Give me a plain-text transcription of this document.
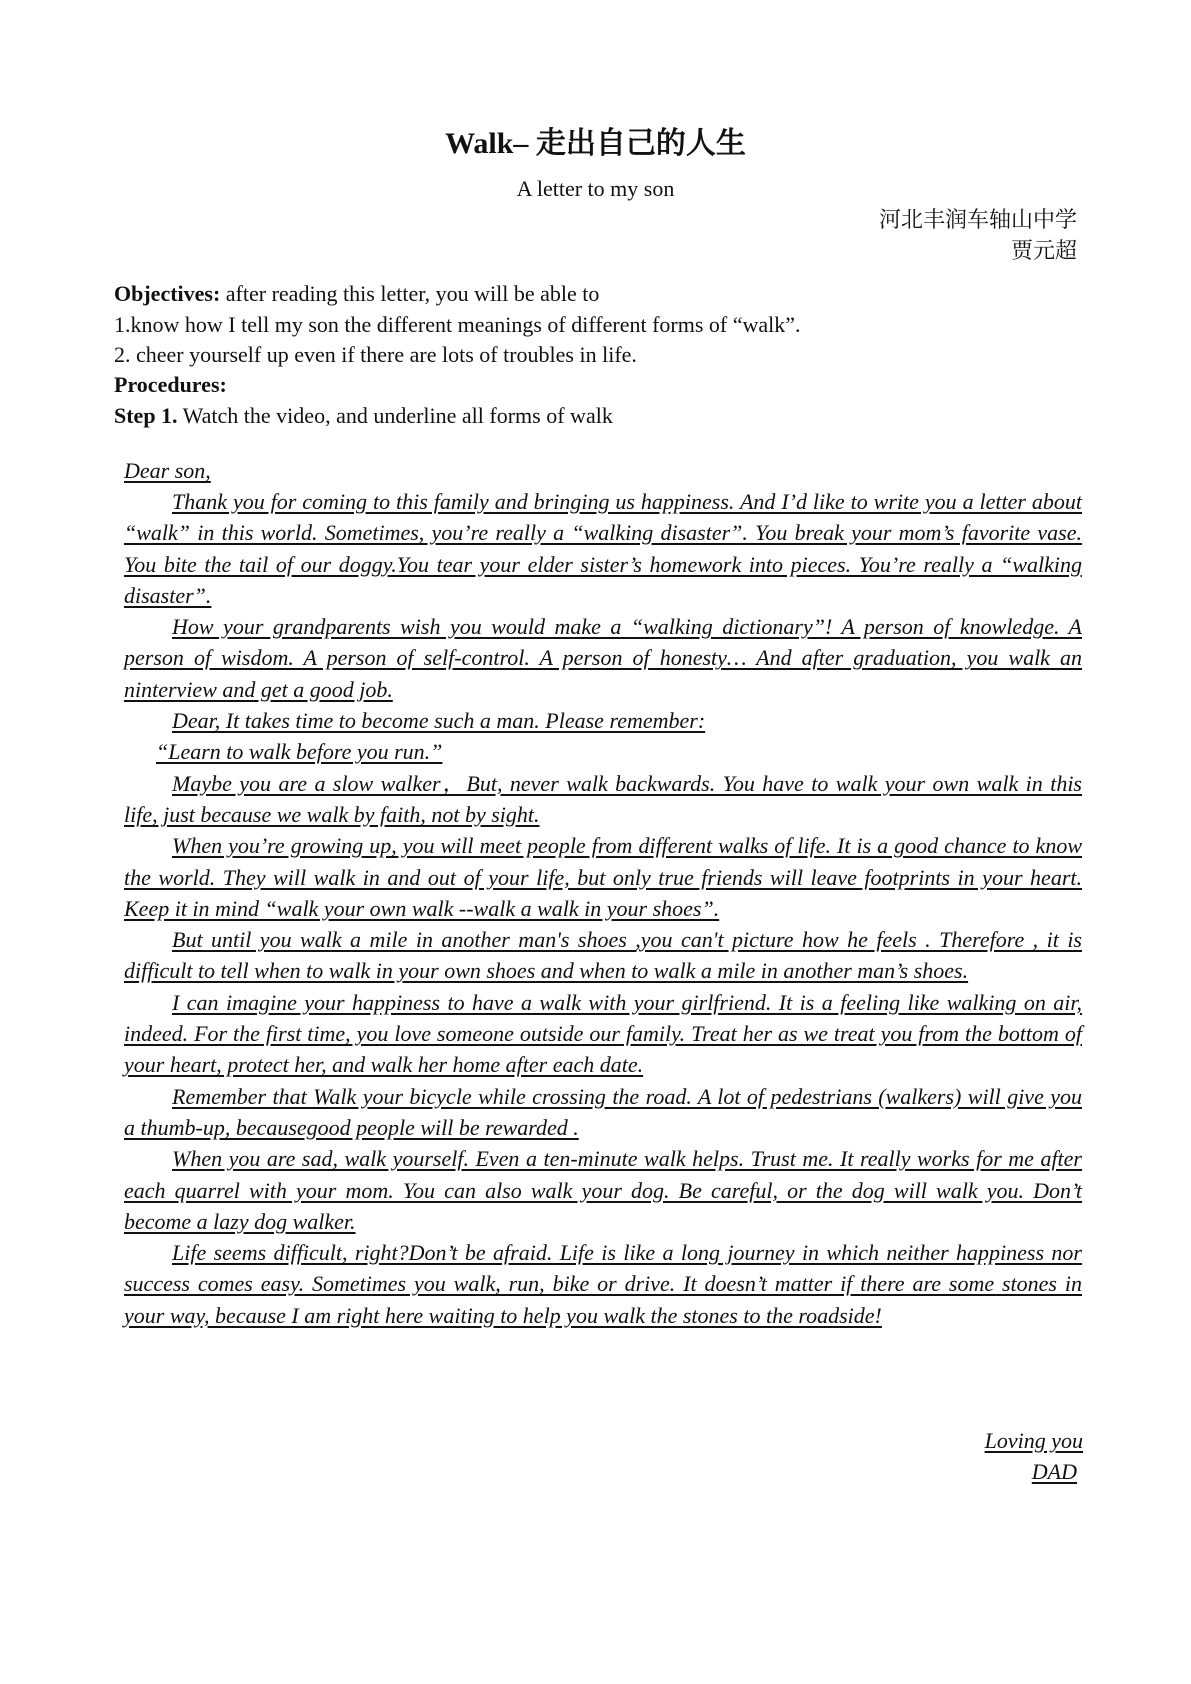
Walk– 走出自己的人生
A letter to my son
河北丰润车轴山中学
贾元超
Objectives: after reading this letter, you will be able to
1.know how I tell my son the different meanings of different forms of “walk”.
2. cheer yourself up even if there are lots of troubles in life.
Procedures:
Step 1. Watch the video, and underline all forms of walk
Dear son,

Thank you for coming to this family and bringing us happiness. And I’d like to write you a letter about “walk” in this world. Sometimes, you’re really a “walking disaster”. You break your mom’s favorite vase. You bite the tail of our doggy.You tear your elder sister’s homework into pieces. You’re really a “walking disaster”.

How your grandparents wish you would make a “walking dictionary”! A person of knowledge. A person of wisdom. A person of self-control. A person of honesty… And after graduation, you walk an ninterview and get a good job.

Dear, It takes time to become such a man. Please remember:

“Learn to walk before you run.”

Maybe you are a slow walker，But, never walk backwards. You have to walk your own walk in this life, just because we walk by faith, not by sight.

When you’re growing up, you will meet people from different walks of life. It is a good chance to know the world. They will walk in and out of your life, but only true friends will leave footprints in your heart. Keep it in mind “walk your own walk --walk a walk in your shoes”.

But until you walk a mile in another man's shoes ,you can't picture how he feels . Therefore , it is difficult to tell when to walk in your own shoes and when to walk a mile in another man’s shoes.

I can imagine your happiness to have a walk with your girlfriend. It is a feeling like walking on air, indeed. For the first time, you love someone outside our family. Treat her as we treat you from the bottom of your heart, protect her, and walk her home after each date.

Remember that Walk your bicycle while crossing the road. A lot of pedestrians (walkers) will give you a thumb-up, becausegood people will be rewarded .

When you are sad, walk yourself. Even a ten-minute walk helps. Trust me. It really works for me after each quarrel with your mom. You can also walk your dog. Be careful, or the dog will walk you. Don’t become a lazy dog walker.

Life seems difficult, right?Don’t be afraid. Life is like a long journey in which neither happiness nor success comes easy. Sometimes you walk, run, bike or drive. It doesn’t matter if there are some stones in your way, because I am right here waiting to help you walk the stones to the roadside!

Loving you
DAD
